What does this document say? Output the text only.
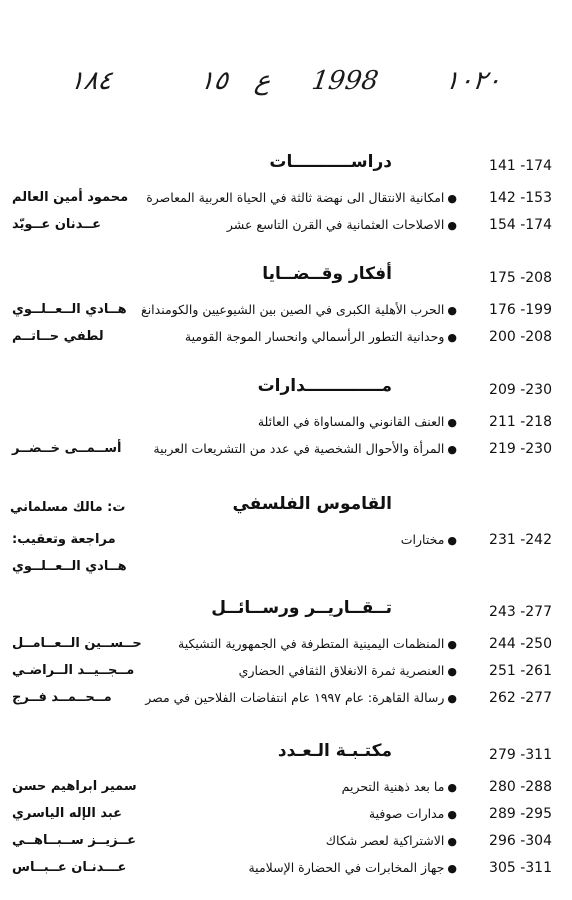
١٨٤	١٥ ع 1998 ١٠٢٠
141 -174
دراســــــــــات
142 -153
●امكانية الانتقال الى نهضة ثالثة في الحياة العربية المعاصرة
محمود أمين العالم
154 -174
●الاصلاحات العثمانية في القرن التاسع عشر
عــدنان عــويّد
175 -208
أفكار وقــضــايا
176 -199
●الحرب الأهلية الكبرى في الصين بين الشيوعيين والكومندانغ
هــادي الــعــلــوي
200 -208
●وحدانية التطور الرأسمالي وانحسار الموجة القومية
لطفي حــاتــم
209 -230
مـــــــــــــدارات
211 -218
●العنف القانوني والمساواة في العائلة
219 -230
●المرأة والأحوال الشخصية في عدد من التشريعات العربية
أســمــى خــضــر
القاموس الفلسفي
ت: مالك مسلماني
231 -242
●مختارات
مراجعة وتعقيب:
هــادي الــعــلــوي
243 -277
تــقــاريــر ورســائــل
244 -250
●المنظمات اليمينية المتطرفة في الجمهورية التشيكية
حــســين الــعــامــل
251 -261
●العنصرية ثمرة الانغلاق الثقافي الحضاري
مــجــيــد الــراضـي
262 -277
●رسالة القاهرة: عام ١٩٩٧ عام انتفاضات الفلاحين في مصر
مــحــمــد فــرج
279 -311
مكتـبـة الـعـدد
280 -288
●ما بعد ذهنية التحريم
سمير ابراهيم حسن
289 -295
●مدارات صوفية
عبد الإله الياسري
296 -304
●الاشتراكية لعصر شكاك
عــزيــز ســبــاهــي
305 -311
●جهاز المخابرات في الحضارة الإسلامية
عـــدنـان عــبــاس
